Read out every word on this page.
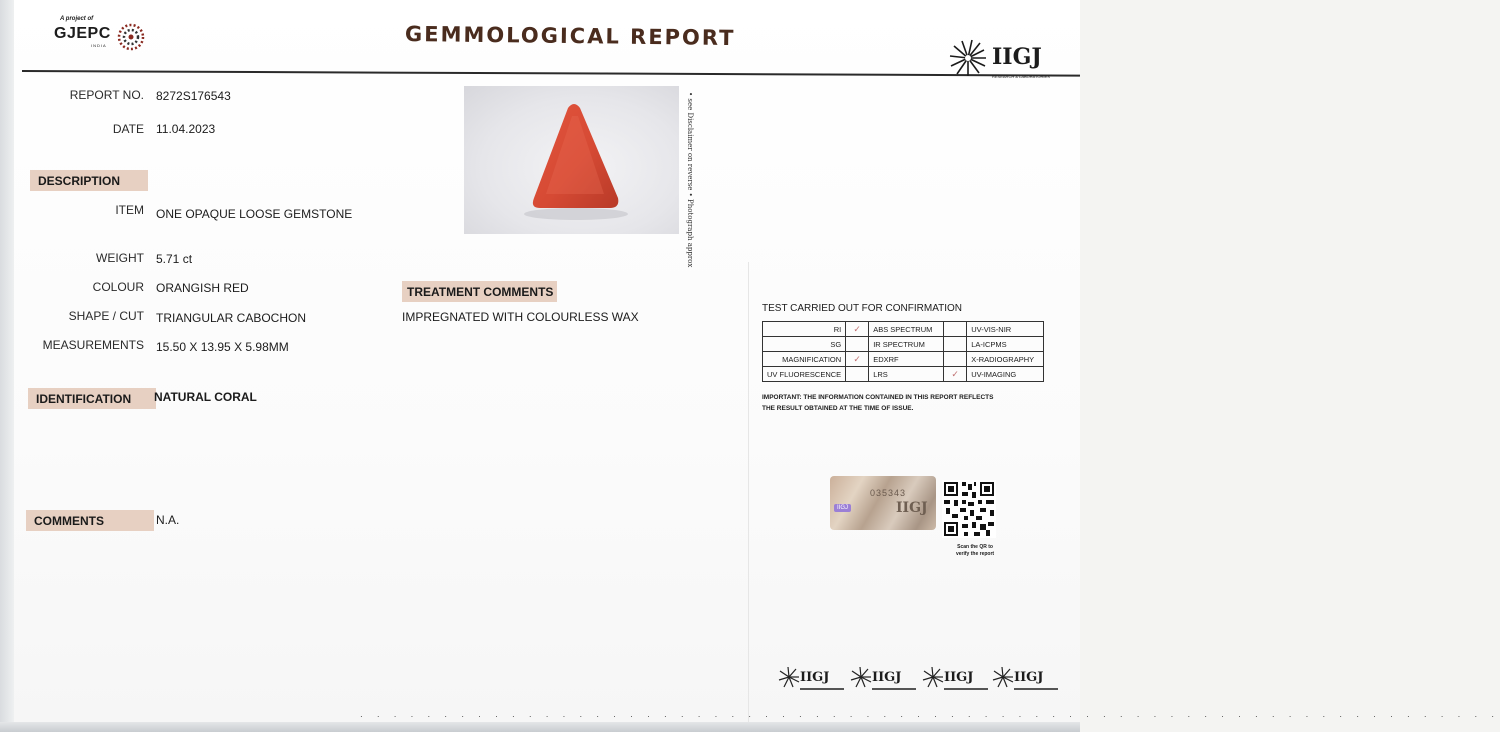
A project of
GJEPC
INDIA	GEMMOLOGICAL REPORT
IIGJ
RESEARCH & LABORATORIES
REPORT NO. 8272S176543
DATE 11.04.2023
DESCRIPTION
ITEM ONE OPAQUE LOOSE GEMSTONE
WEIGHT 5.71 ct
COLOUR ORANGISH RED
SHAPE / CUT TRIANGULAR CABOCHON
MEASUREMENTS 15.50 X 13.95 X 5.98MM
IDENTIFICATION	NATURAL CORAL
COMMENTS	N.A.
• see Disclaimer on reverse • Photograph approx
TREATMENT COMMENTS
IMPREGNATED WITH COLOURLESS WAX
TEST CARRIED OUT FOR CONFIRMATION
RI	✓	ABS SPECTRUM		UV-VIS-NIR
SG		IR SPECTRUM		LA-ICPMS
MAGNIFICATION	✓	EDXRF		X-RADIOGRAPHY
UV FLUORESCENCE		LRS	✓	UV-IMAGING
IMPORTANT: THE INFORMATION CONTAINED IN THIS REPORT REFLECTS THE RESULT OBTAINED AT THE TIME OF ISSUE.
035343
IIGJ	IIGJ
Scan the QR to
verify the report
IIGJ	IIGJ	IIGJ	IIGJ
· · · · · · · · · · · · · · · · · · · · · · · · · · · · · · · · · · · · · · · · · · · · · · · · · · · · · · · · · · · · · · · · · · · ·
